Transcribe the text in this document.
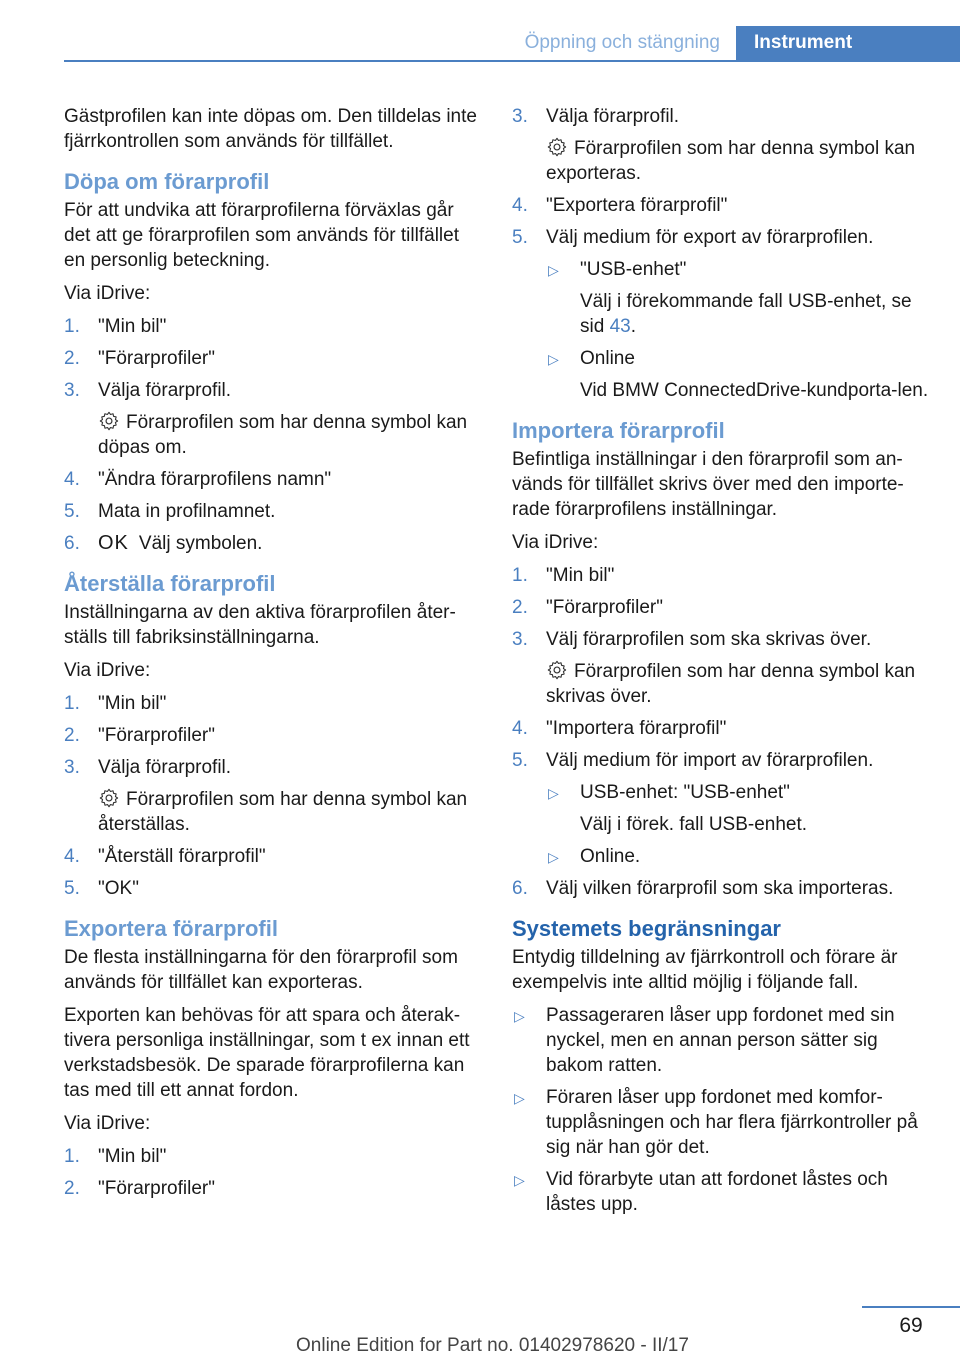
Öppning och stängning	Instrument

Gästprofilen kan inte döpas om. Den tilldelas inte fjärrkontrollen som används för tillfället.

Döpa om förarprofil

För att undvika att förarprofilerna förväxlas går det att ge förarprofilen som används för tillfället en personlig beteckning.

Via iDrive:

1. "Min bil"
2. "Förarprofiler"
3. Välja förarprofil.
Förarprofilen som har denna symbol kan döpas om.
4. "Ändra förarprofilens namn"
5. Mata in profilnamnet.
6. OK Välj symbolen.
Återställa förarprofil

Inställningarna av den aktiva förarprofilen åter-ställs till fabriksinställningarna.

Via iDrive:

1. "Min bil"
2. "Förarprofiler"
3. Välja förarprofil.
Förarprofilen som har denna symbol kan återställas.
4. "Återställ förarprofil"
5. "OK"
Exportera förarprofil

De flesta inställningarna för den förarprofil som används för tillfället kan exporteras.

Exporten kan behövas för att spara och återak-tivera personliga inställningar, som t ex innan ett verkstadsbesök. De sparade förarprofilerna kan tas med till ett annat fordon.

Via iDrive:

1. "Min bil"
2. "Förarprofiler"
3. Välja förarprofil.
Förarprofilen som har denna symbol kan exporteras.
4. "Exportera förarprofil"
5. Välj medium för export av förarprofilen.
▷ "USB-enhet"
Välj i förekommande fall USB-enhet, se sid 43.
▷ Online
Vid BMW ConnectedDrive-kundporta-len.
Importera förarprofil

Befintliga inställningar i den förarprofil som an-vänds för tillfället skrivs över med den importe-rade förarprofilens inställningar.

Via iDrive:

1. "Min bil"
2. "Förarprofiler"
3. Välj förarprofilen som ska skrivas över.
Förarprofilen som har denna symbol kan skrivas över.
4. "Importera förarprofil"
5. Välj medium för import av förarprofilen.
▷ USB-enhet: "USB-enhet"
Välj i förek. fall USB-enhet.
▷ Online.
6. Välj vilken förarprofil som ska importeras.
Systemets begränsningar

Entydig tilldelning av fjärrkontroll och förare är exempelvis inte alltid möjlig i följande fall.

▷ Passageraren låser upp fordonet med sin nyckel, men en annan person sätter sig bakom ratten.
▷ Föraren låser upp fordonet med komfor-tupplåsningen och har flera fjärrkontroller på sig när han gör det.
▷ Vid förarbyte utan att fordonet låstes och låstes upp.
69
Online Edition for Part no. 01402978620 - II/17
